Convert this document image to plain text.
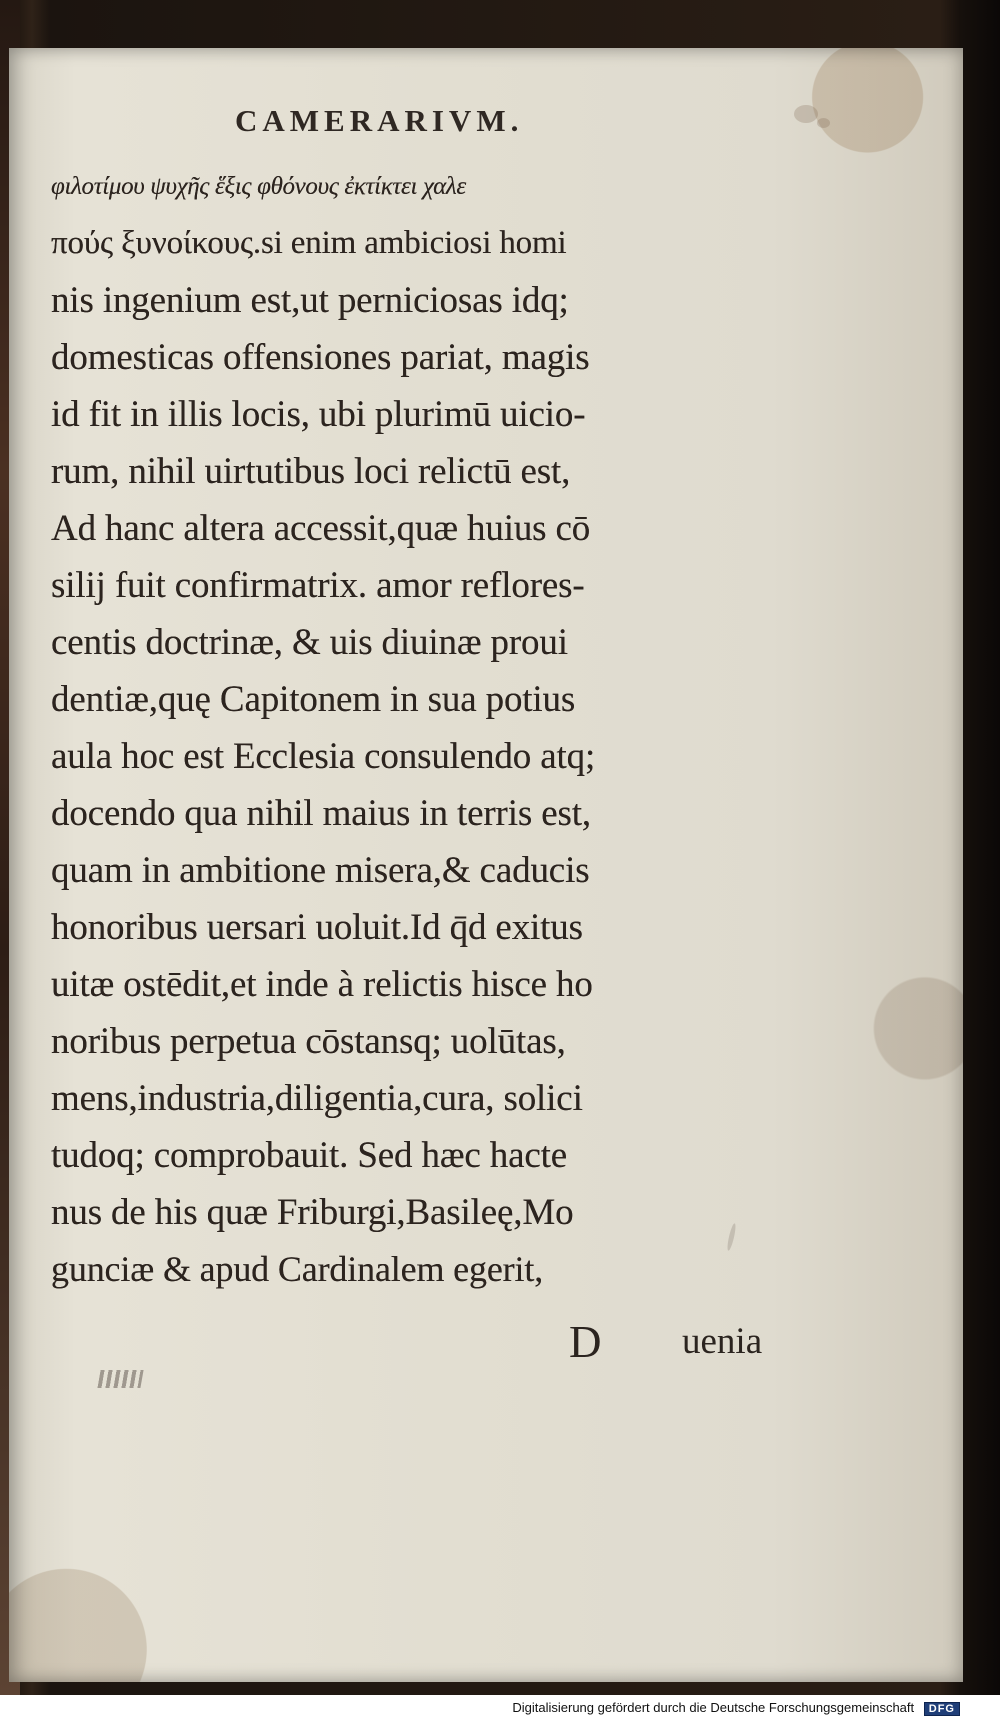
CAMERARIVM.
φιλοτίμου ψυχῆς ἕξις φθόνους ἐκτίκτει χαλε
πούς ξυνοίκους.si enim ambiciosi homi
nis ingenium est,ut perniciosas idq;
domesticas offensiones pariat, magis
id fit in illis locis, ubi plurimū uicio-
rum, nihil uirtutibus loci relictū est,
Ad hanc altera accessit,quæ huius cō
silij fuit confirmatrix. amor reflores-
centis doctrinæ, & uis diuinæ proui
dentiæ,quę Capitonem in sua potius
aula hoc est Ecclesia consulendo atq;
docendo qua nihil maius in terris est,
quam in ambitione misera,& caducis
honoribus uersari uoluit.Id q̄d exitus
uitæ ostēdit,et inde à relictis hisce ho
noribus perpetua cōstansq; uolūtas,
mens,industria,diligentia,cura, solici
tudoq; comprobauit. Sed hæc hacte
nus de his quæ Friburgi,Basileę,Mo
gunciæ & apud Cardinalem egerit,
D uenia
Digitalisierung gefördert durch die Deutsche Forschungsgemeinschaft DFG
